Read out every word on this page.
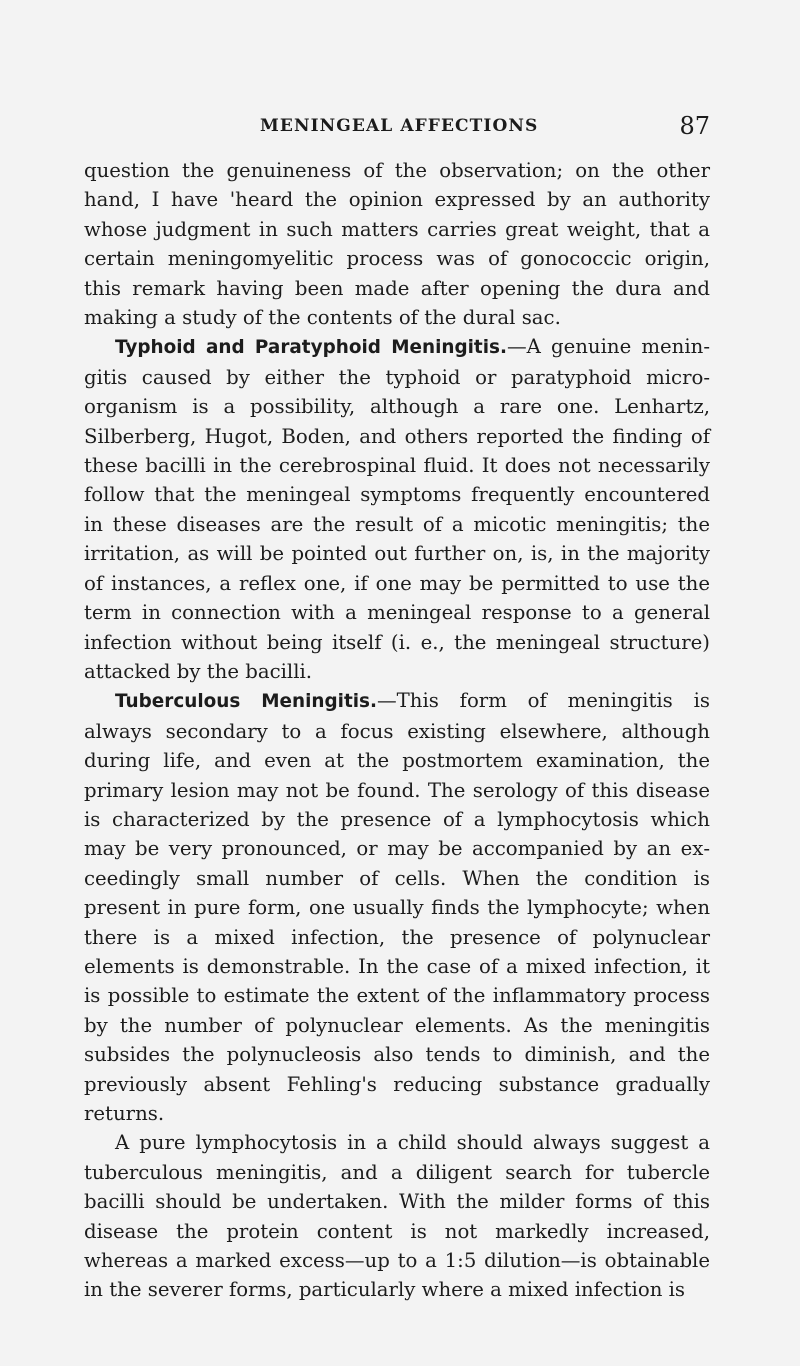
MENINGEAL AFFECTIONS	87

question the genuineness of the observation; on the other hand, I have 'heard the opinion expressed by an authority whose judgment in such matters carries great weight, that a certain meningomyelitic process was of gonococcic origin, this remark having been made after opening the dura and making a study of the contents of the dural sac.

Typhoid and Paratyphoid Meningitis.—A genuine meningitis caused by either the typhoid or paratyphoid microorganism is a possibility, although a rare one. Lenhartz, Silberberg, Hugot, Boden, and others reported the finding of these bacilli in the cerebrospinal fluid. It does not necessarily follow that the meningeal symptoms frequently encountered in these diseases are the result of a micotic meningitis; the irritation, as will be pointed out further on, is, in the majority of instances, a reflex one, if one may be permitted to use the term in connection with a meningeal response to a general infection without being itself (i. e., the meningeal structure) attacked by the bacilli.

Tuberculous Meningitis.—This form of meningitis is always secondary to a focus existing elsewhere, although during life, and even at the postmortem examination, the primary lesion may not be found. The serology of this disease is characterized by the presence of a lymphocytosis which may be very pronounced, or may be accompanied by an exceedingly small number of cells. When the condition is present in pure form, one usually finds the lymphocyte; when there is a mixed infection, the presence of polynuclear elements is demonstrable. In the case of a mixed infection, it is possible to estimate the extent of the inflammatory process by the number of polynuclear elements. As the meningitis subsides the polynucleosis also tends to diminish, and the previously absent Fehling's reducing substance gradually returns.

A pure lymphocytosis in a child should always suggest a tuberculous meningitis, and a diligent search for tubercle bacilli should be undertaken. With the milder forms of this disease the protein content is not markedly increased, whereas a marked excess—up to a 1:5 dilution—is obtainable in the severer forms, particularly where a mixed infection is
